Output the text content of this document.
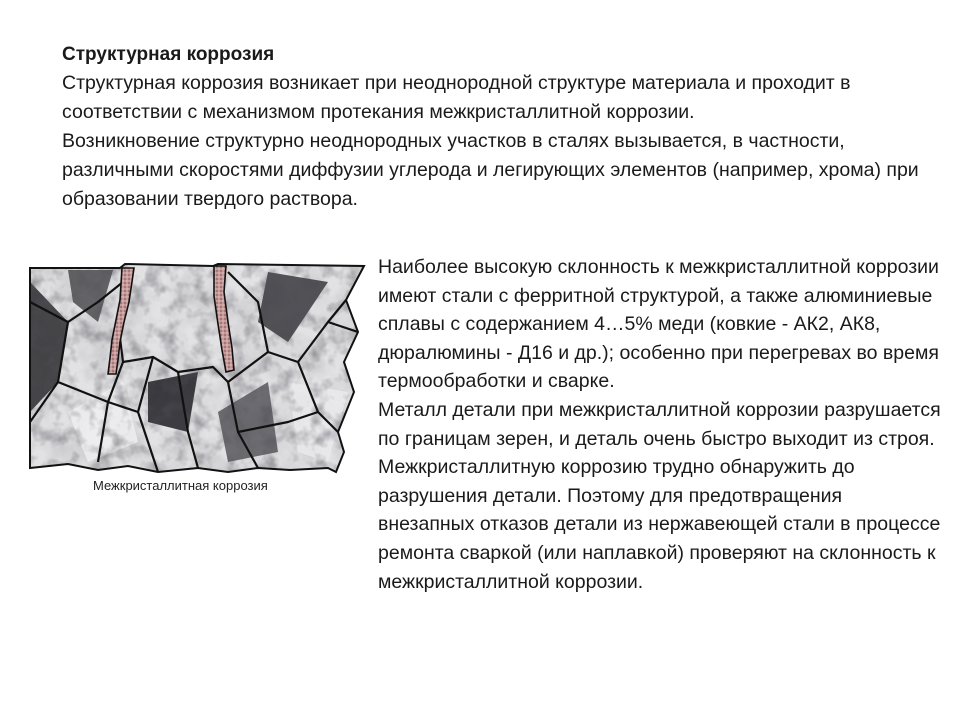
Структурная коррозия

Структурная коррозия возникает при неоднородной структуре материала и проходит в соответствии с механизмом протекания межкристаллитной коррозии.

Возникновение структурно неоднородных участков в сталях вызывается, в частности, различными скоростями диффузии углерода и легирующих элементов (например, хрома) при образовании твердого раствора.

Межкристаллитная коррозия

Наиболее высокую склонность к межкристаллитной коррозии имеют стали с ферритной структурой, а также алюминиевые сплавы с содержанием 4…5% меди (ковкие - АК2, АК8, дюралюмины - Д16 и др.); особенно при перегревах во время термообработки и сварке.

Металл детали при межкристаллитной коррозии разрушается по границам зерен, и деталь очень быстро выходит из строя.

Межкристаллитную коррозию трудно обнаружить до разрушения детали. Поэтому для предотвращения внезапных отказов детали из нержавеющей стали в процессе ремонта сваркой (или наплавкой) проверяют на склонность к межкристаллитной коррозии.
